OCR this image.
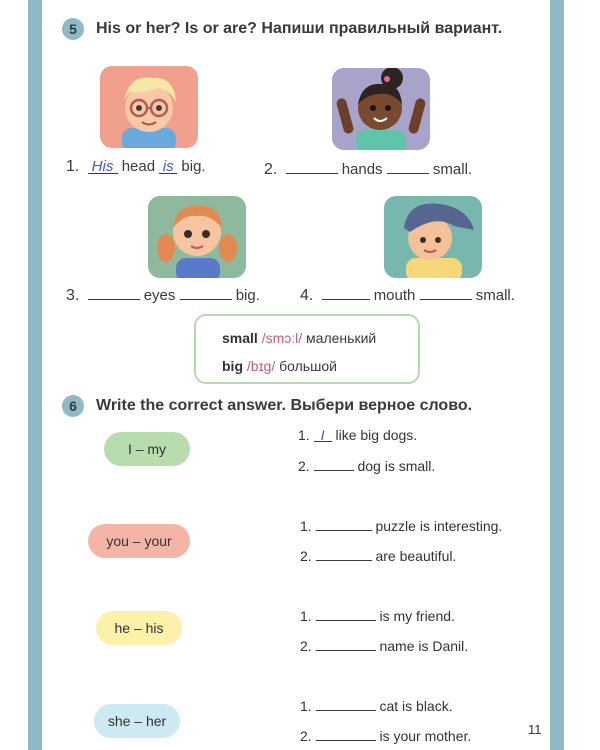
5	His or her? Is or are? Напиши правильный вариант.
1. His head is big.	2.	hands	small.
3.	eyes	big.	4.	mouth	small.
small /smɔːl/ маленький
big /bɪɡ/ большой
6	Write the correct answer. Выбери верное слово.
I – my
1. I like big dogs.
2.	dog is small.
you – your
1.	puzzle is interesting.
2.	are beautiful.
he – his
1.	is my friend.
2.	name is Danil.
she – her
1.	cat is black.
2.	is your mother.	11
